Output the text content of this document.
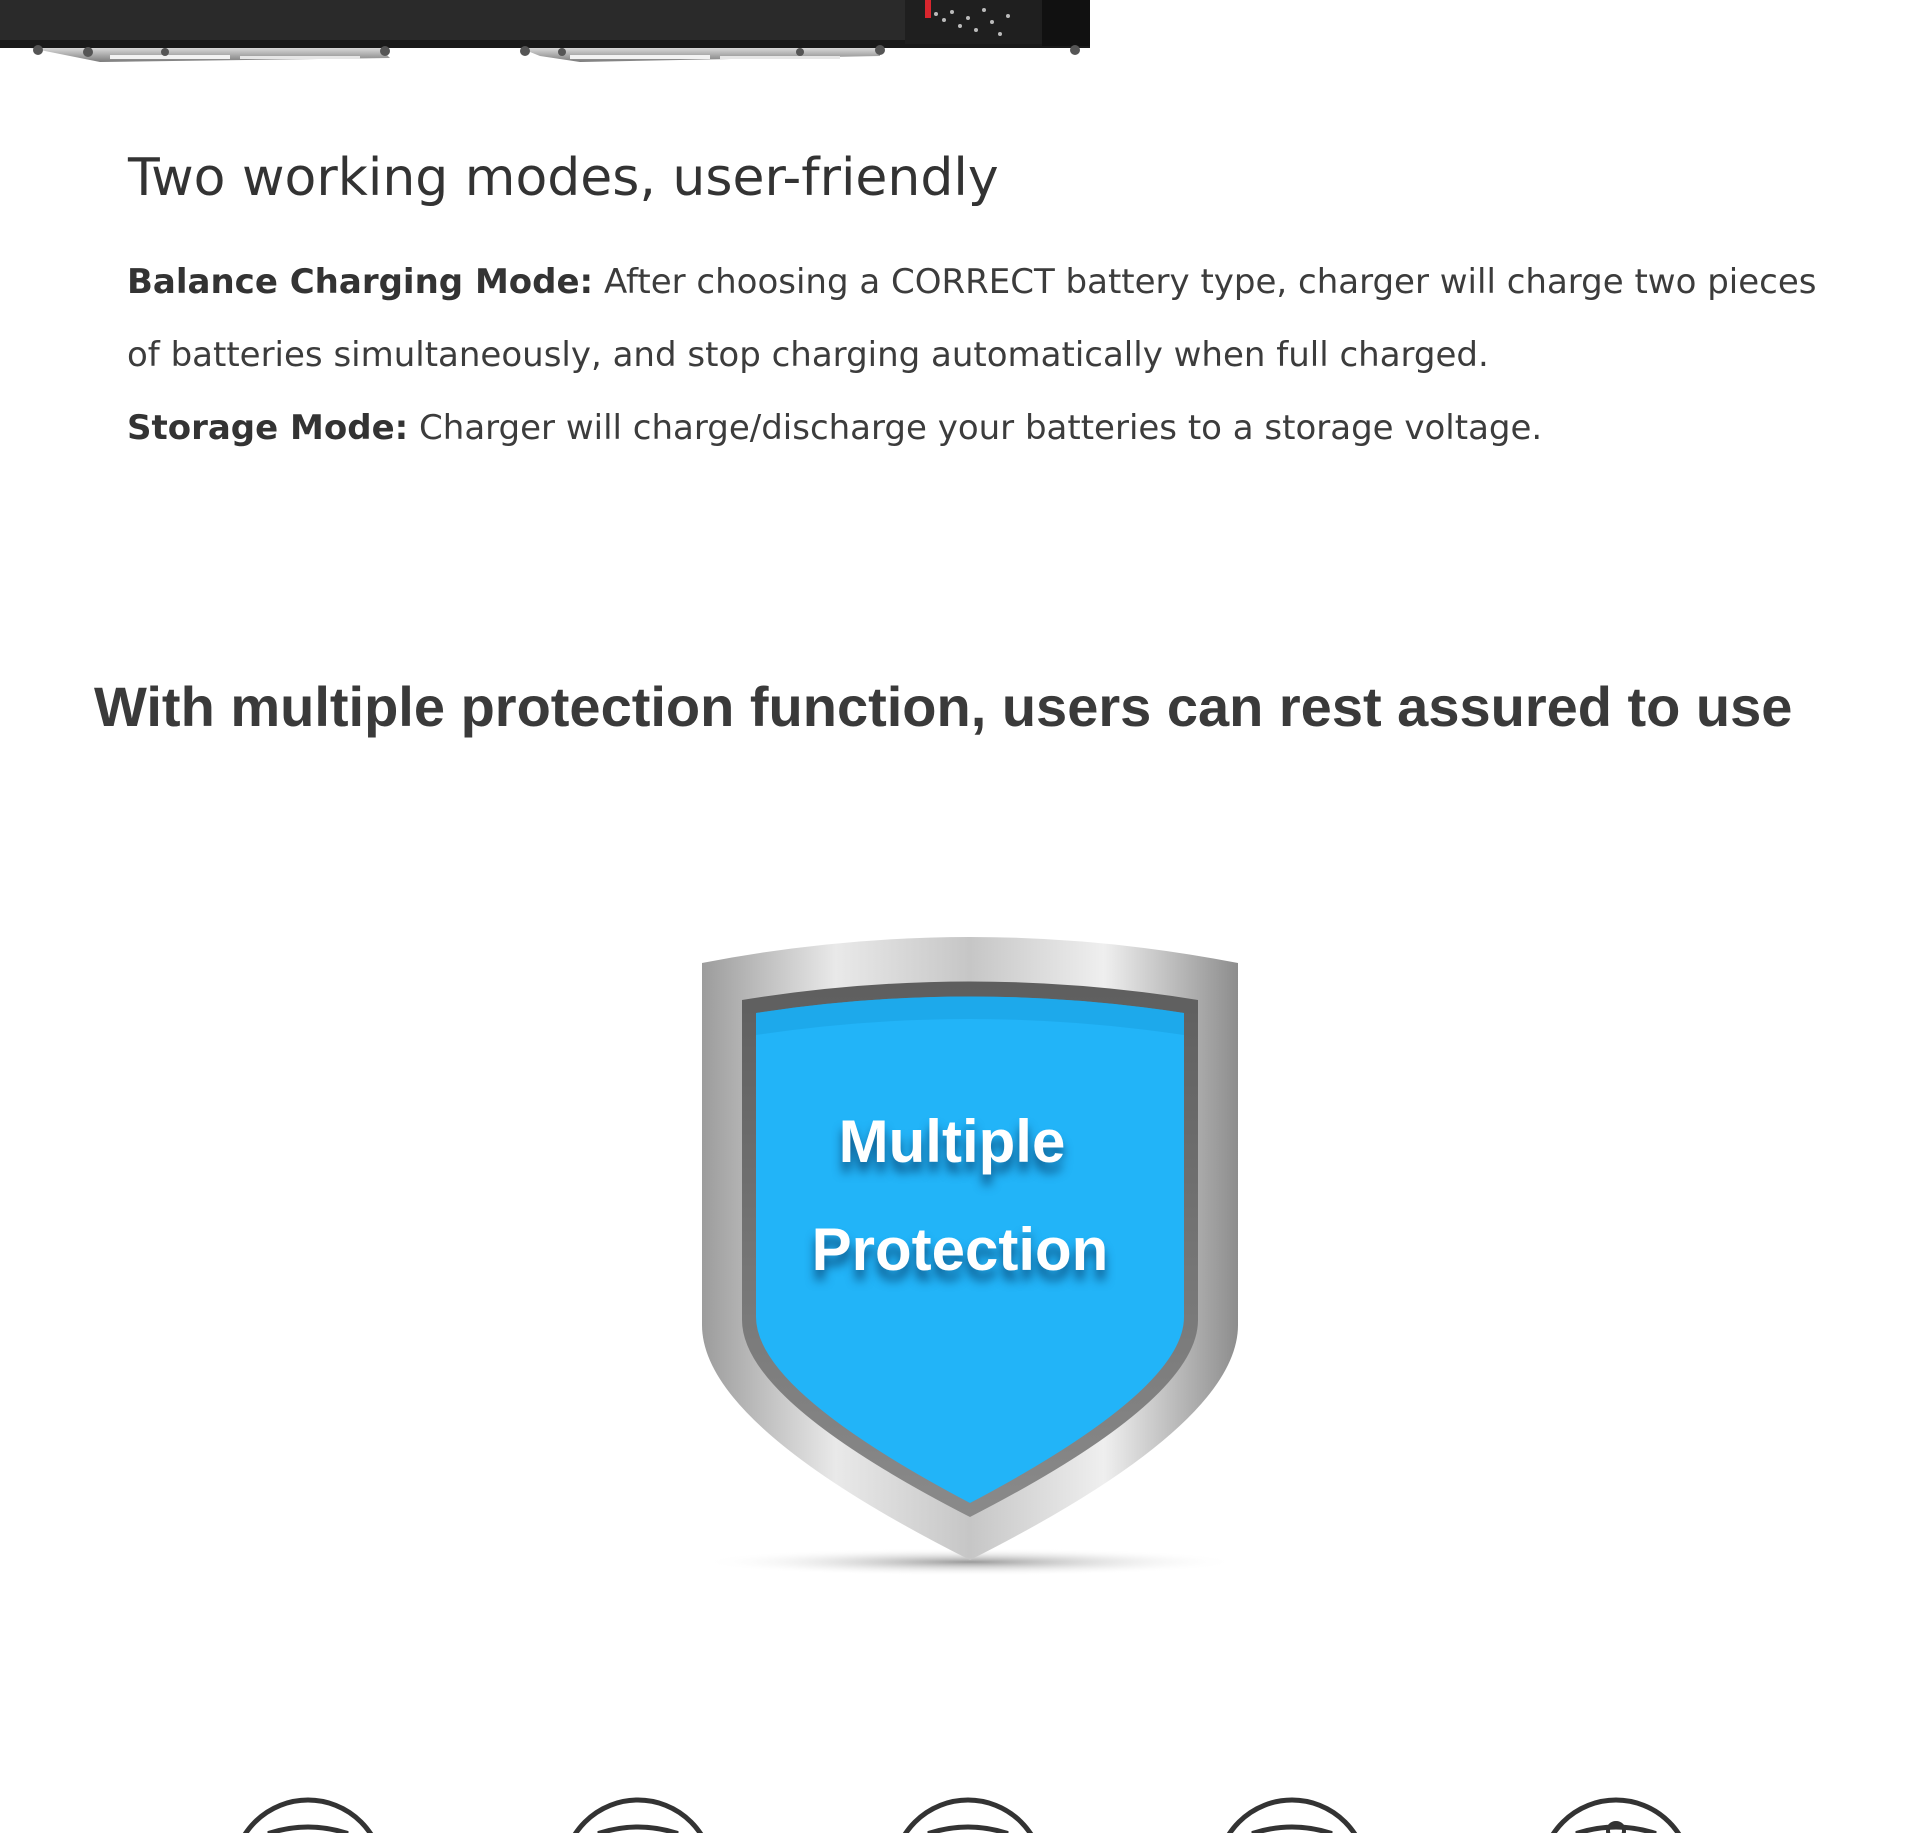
Two working modes, user-friendly

Balance Charging Mode: After choosing a CORRECT battery type, charger will charge two pieces of batteries simultaneously, and stop charging automatically when full charged.

Storage Mode: Charger will charge/discharge your batteries to a storage voltage.

With multiple protection function, users can rest assured to use
Multiple
Protection
